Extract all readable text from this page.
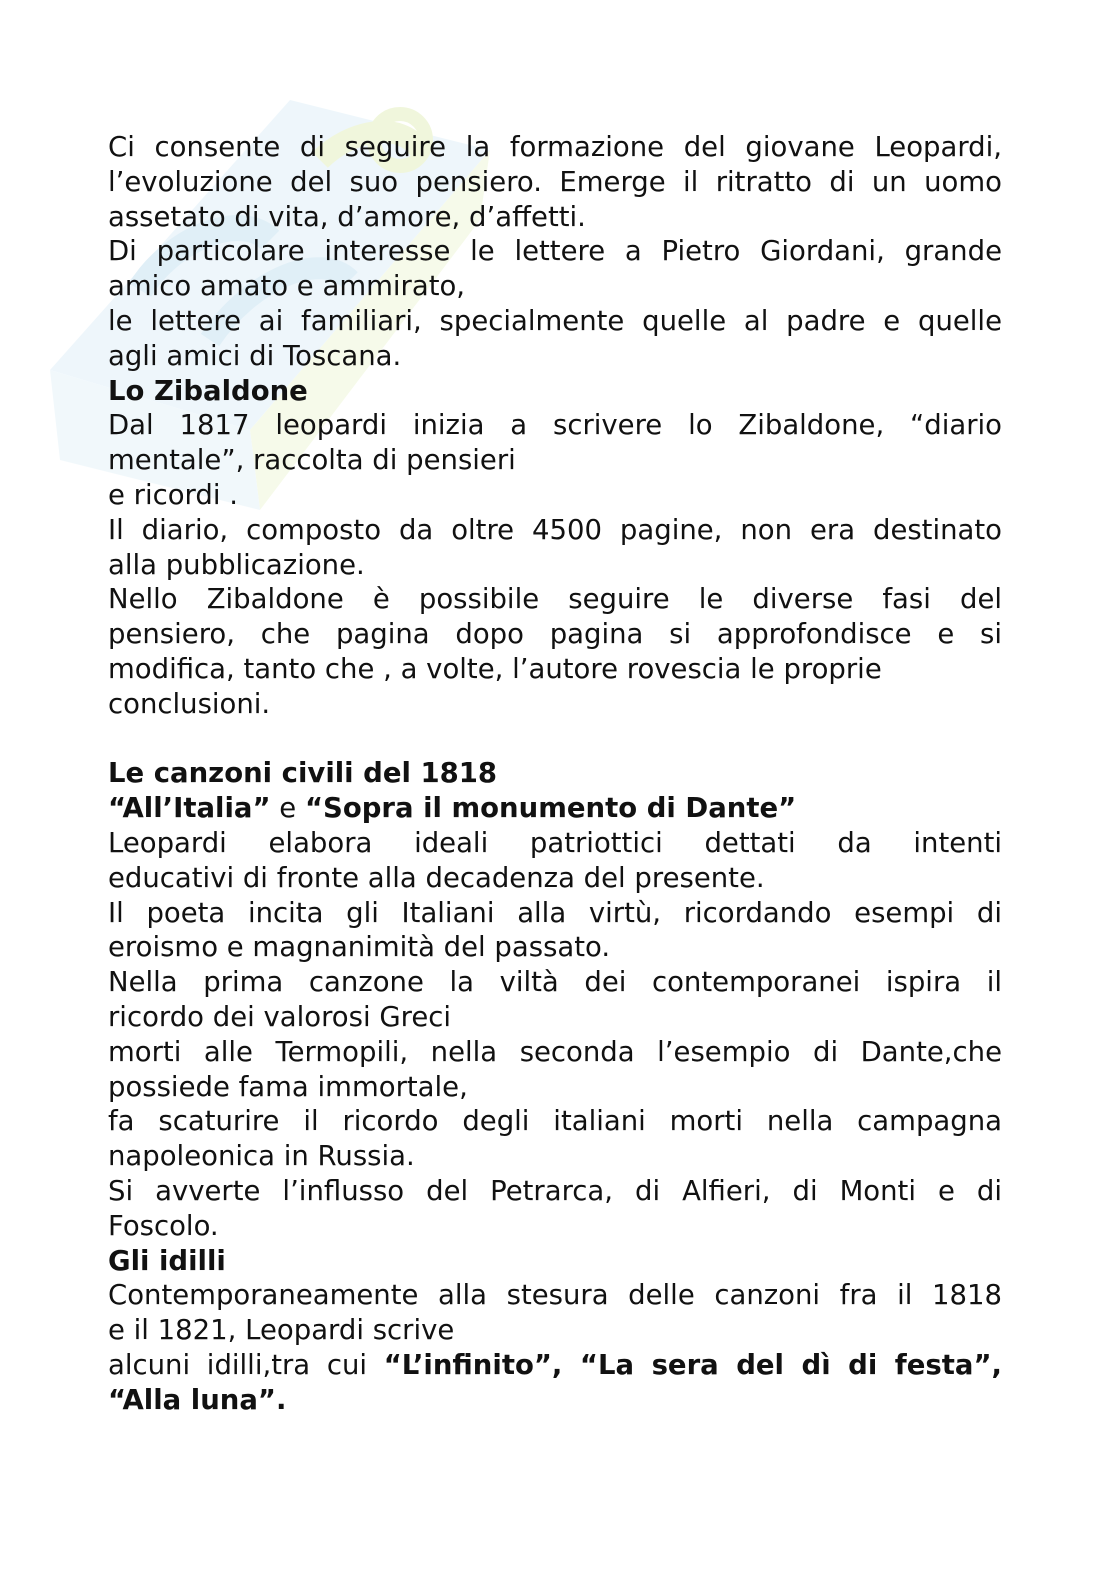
Ci consente di seguire la formazione del giovane Leopardi,
l’evoluzione del suo pensiero. Emerge il ritratto di un uomo
assetato di vita, d’amore, d’affetti.
Di particolare interesse le lettere a Pietro Giordani, grande
amico amato e ammirato,
le lettere ai familiari, specialmente quelle al padre e quelle
agli amici di Toscana.
Lo Zibaldone
Dal 1817 leopardi inizia a scrivere lo Zibaldone, “diario
mentale”, raccolta di pensieri
e ricordi .
Il diario, composto da oltre 4500 pagine, non era destinato
alla pubblicazione.
Nello Zibaldone è possibile seguire le diverse fasi del
pensiero, che pagina dopo pagina si approfondisce e si
modifica, tanto che , a volte, l’autore rovescia le proprie
conclusioni.
Le canzoni civili del 1818
“All’Italia” e “Sopra il monumento di Dante”
Leopardi elabora ideali patriottici dettati da intenti
educativi di fronte alla decadenza del presente.
Il poeta incita gli Italiani alla virtù, ricordando esempi di
eroismo e magnanimità del passato.
Nella prima canzone la viltà dei contemporanei ispira il
ricordo dei valorosi Greci
morti alle Termopili, nella seconda l’esempio di Dante,che
possiede fama immortale,
fa scaturire il ricordo degli italiani morti nella campagna
napoleonica in Russia.
Si avverte l’influsso del Petrarca, di Alfieri, di Monti e di
Foscolo.
Gli idilli
Contemporaneamente alla stesura delle canzoni fra il 1818
e il 1821, Leopardi scrive
alcuni idilli,tra cui “L’infinito”, “La sera del dì di festa”,
“Alla luna”.
